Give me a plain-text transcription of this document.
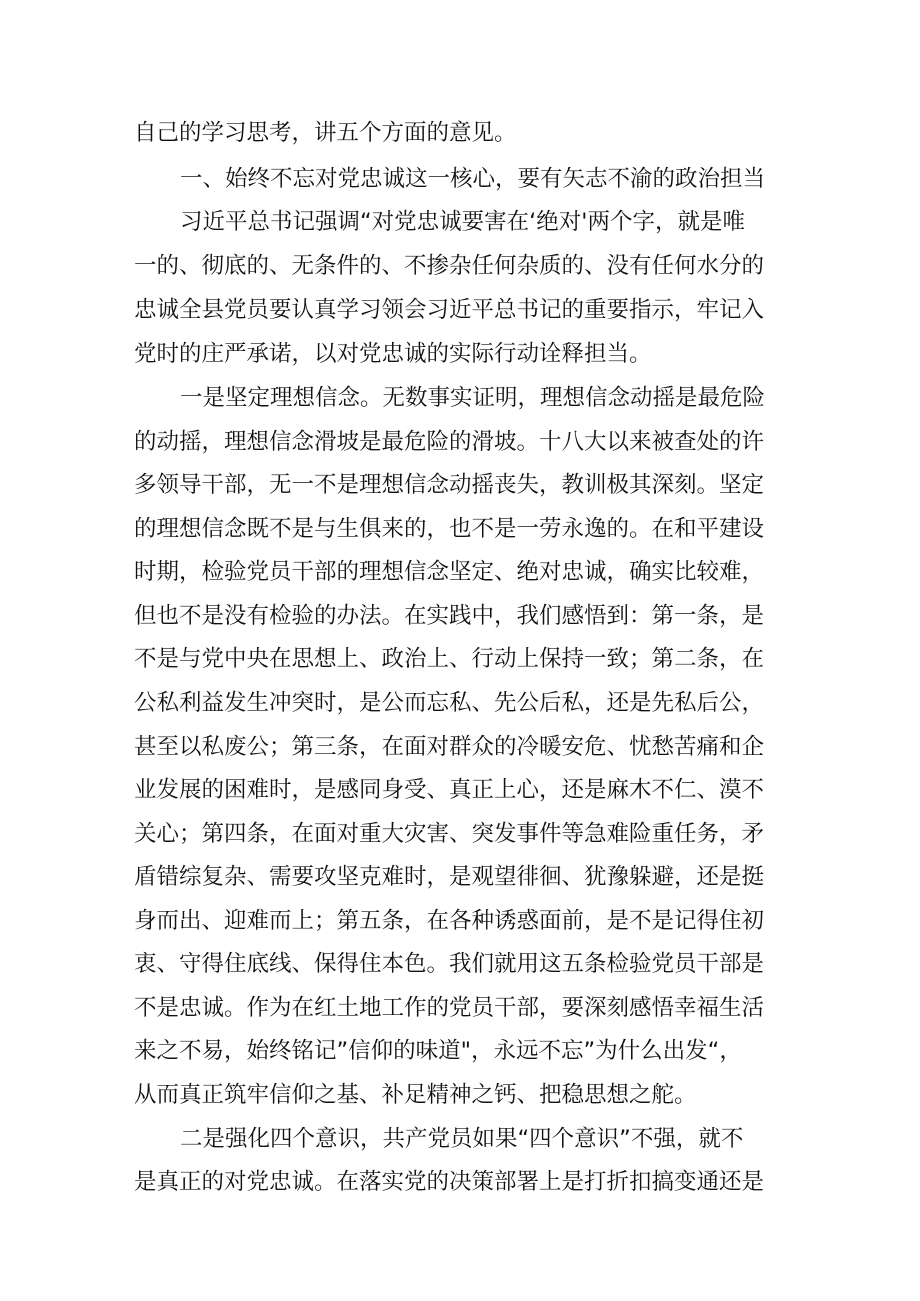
自己的学习思考，讲五个方面的意见。
一、始终不忘对党忠诚这一核心，要有矢志不渝的政治担当
习近平总书记强调“对党忠诚要害在‘绝对'两个字，就是唯
一的、彻底的、无条件的、不掺杂任何杂质的、没有任何水分的
忠诚全县党员要认真学习领会习近平总书记的重要指示，牢记入
党时的庄严承诺，以对党忠诚的实际行动诠释担当。
一是坚定理想信念。无数事实证明，理想信念动摇是最危险
的动摇，理想信念滑坡是最危险的滑坡。十八大以来被查处的许
多领导干部，无一不是理想信念动摇丧失，教训极其深刻。坚定
的理想信念既不是与生俱来的，也不是一劳永逸的。在和平建设
时期，检验党员干部的理想信念坚定、绝对忠诚，确实比较难，
但也不是没有检验的办法。在实践中，我们感悟到：第一条，是
不是与党中央在思想上、政治上、行动上保持一致；第二条，在
公私利益发生冲突时，是公而忘私、先公后私，还是先私后公，
甚至以私废公；第三条，在面对群众的冷暖安危、忧愁苦痛和企
业发展的困难时，是感同身受、真正上心，还是麻木不仁、漠不
关心；第四条，在面对重大灾害、突发事件等急难险重任务，矛
盾错综复杂、需要攻坚克难时，是观望徘徊、犹豫躲避，还是挺
身而出、迎难而上；第五条，在各种诱惑面前，是不是记得住初
衷、守得住底线、保得住本色。我们就用这五条检验党员干部是
不是忠诚。作为在红土地工作的党员干部，要深刻感悟幸福生活
来之不易，始终铭记”信仰的味道"，永远不忘”为什么出发“，
从而真正筑牢信仰之基、补足精神之钙、把稳思想之舵。
二是强化四个意识，共产党员如果“四个意识”不强，就不
是真正的对党忠诚。在落实党的决策部署上是打折扣搞变通还是
